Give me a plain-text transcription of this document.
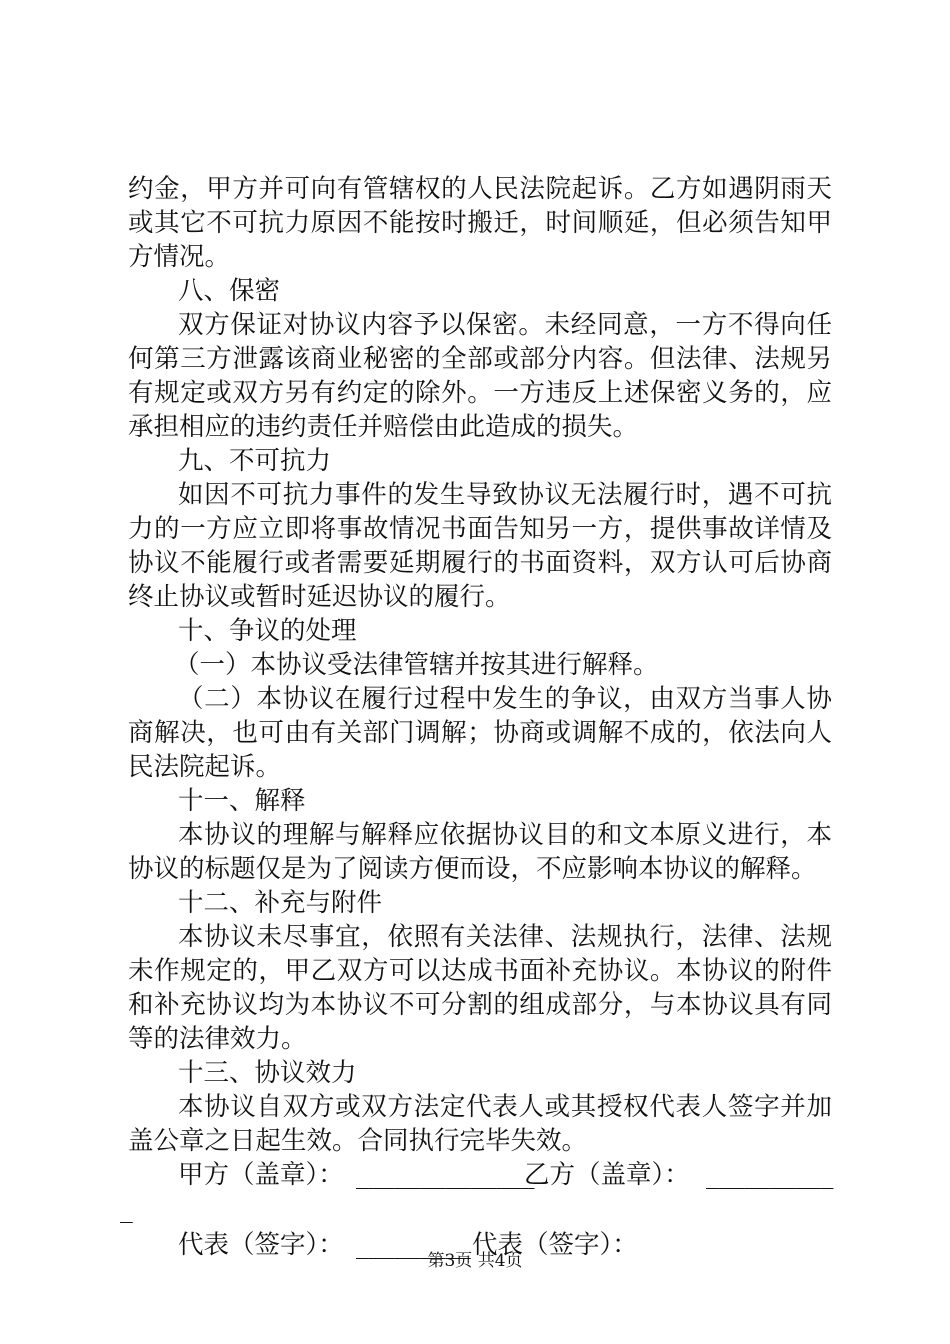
约金，甲方并可向有管辖权的人民法院起诉。乙方如遇阴雨天
或其它不可抗力原因不能按时搬迁，时间顺延，但必须告知甲
方情况。
八、保密
双方保证对协议内容予以保密。未经同意，一方不得向任
何第三方泄露该商业秘密的全部或部分内容。但法律、法规另
有规定或双方另有约定的除外。一方违反上述保密义务的，应
承担相应的违约责任并赔偿由此造成的损失。
九、不可抗力
如因不可抗力事件的发生导致协议无法履行时，遇不可抗
力的一方应立即将事故情况书面告知另一方，提供事故详情及
协议不能履行或者需要延期履行的书面资料，双方认可后协商
终止协议或暂时延迟协议的履行。
十、争议的处理
（一）本协议受法律管辖并按其进行解释。
（二）本协议在履行过程中发生的争议，由双方当事人协
商解决，也可由有关部门调解；协商或调解不成的，依法向人
民法院起诉。
十一、解释
本协议的理解与解释应依据协议目的和文本原义进行，本
协议的标题仅是为了阅读方便而设，不应影响本协议的解释。
十二、补充与附件
本协议未尽事宜，依照有关法律、法规执行，法律、法规
未作规定的，甲乙双方可以达成书面补充协议。本协议的附件
和补充协议均为本协议不可分割的组成部分，与本协议具有同
等的法律效力。
十三、协议效力
本协议自双方或双方法定代表人或其授权代表人签字并加
盖公章之日起生效。合同执行完毕失效。
甲方（盖章）： ______________
乙方（盖章）： __________
_
代表（签字）： _________ 代表（签字）：
第3页 共4页
